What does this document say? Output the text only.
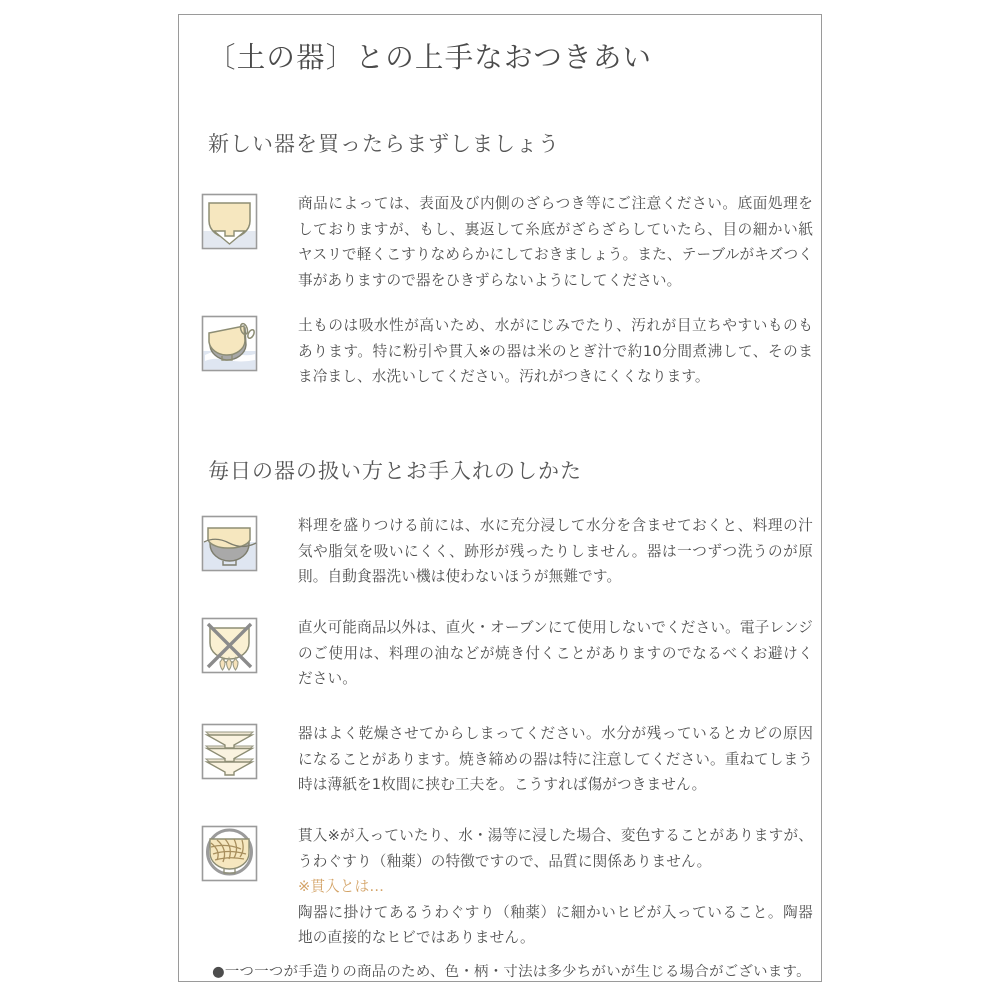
〔土の器〕との上手なおつきあい
新しい器を買ったらまずしましょう
商品によっては、表面及び内側のざらつき等にご注意ください。底面処理をしておりますが、もし、裏返して糸底がざらざらしていたら、目の細かい紙ヤスリで軽くこすりなめらかにしておきましょう。また、テーブルがキズつく事がありますので器をひきずらないようにしてください。
土ものは吸水性が高いため、水がにじみでたり、汚れが目立ちやすいものもあります。特に粉引や貫入※の器は米のとぎ汁で約10分間煮沸して、そのまま冷まし、水洗いしてください。汚れがつきにくくなります。
毎日の器の扱い方とお手入れのしかた
料理を盛りつける前には、水に充分浸して水分を含ませておくと、料理の汁気や脂気を吸いにくく、跡形が残ったりしません。器は一つずつ洗うのが原則。自動食器洗い機は使わないほうが無難です。
直火可能商品以外は、直火・オーブンにて使用しないでください。電子レンジのご使用は、料理の油などが焼き付くことがありますのでなるべくお避けください。
器はよく乾燥させてからしまってください。水分が残っているとカビの原因になることがあります。焼き締めの器は特に注意してください。重ねてしまう時は薄紙を1枚間に挟む工夫を。こうすれば傷がつきません。
貫入※が入っていたり、水・湯等に浸した場合、変色することがありますが、うわぐすり（釉薬）の特徴ですので、品質に関係ありません。
※貫入とは…
陶器に掛けてあるうわぐすり（釉薬）に細かいヒビが入っていること。陶器地の直接的なヒビではありません。
●一つ一つが手造りの商品のため、色・柄・寸法は多少ちがいが生じる場合がございます。
